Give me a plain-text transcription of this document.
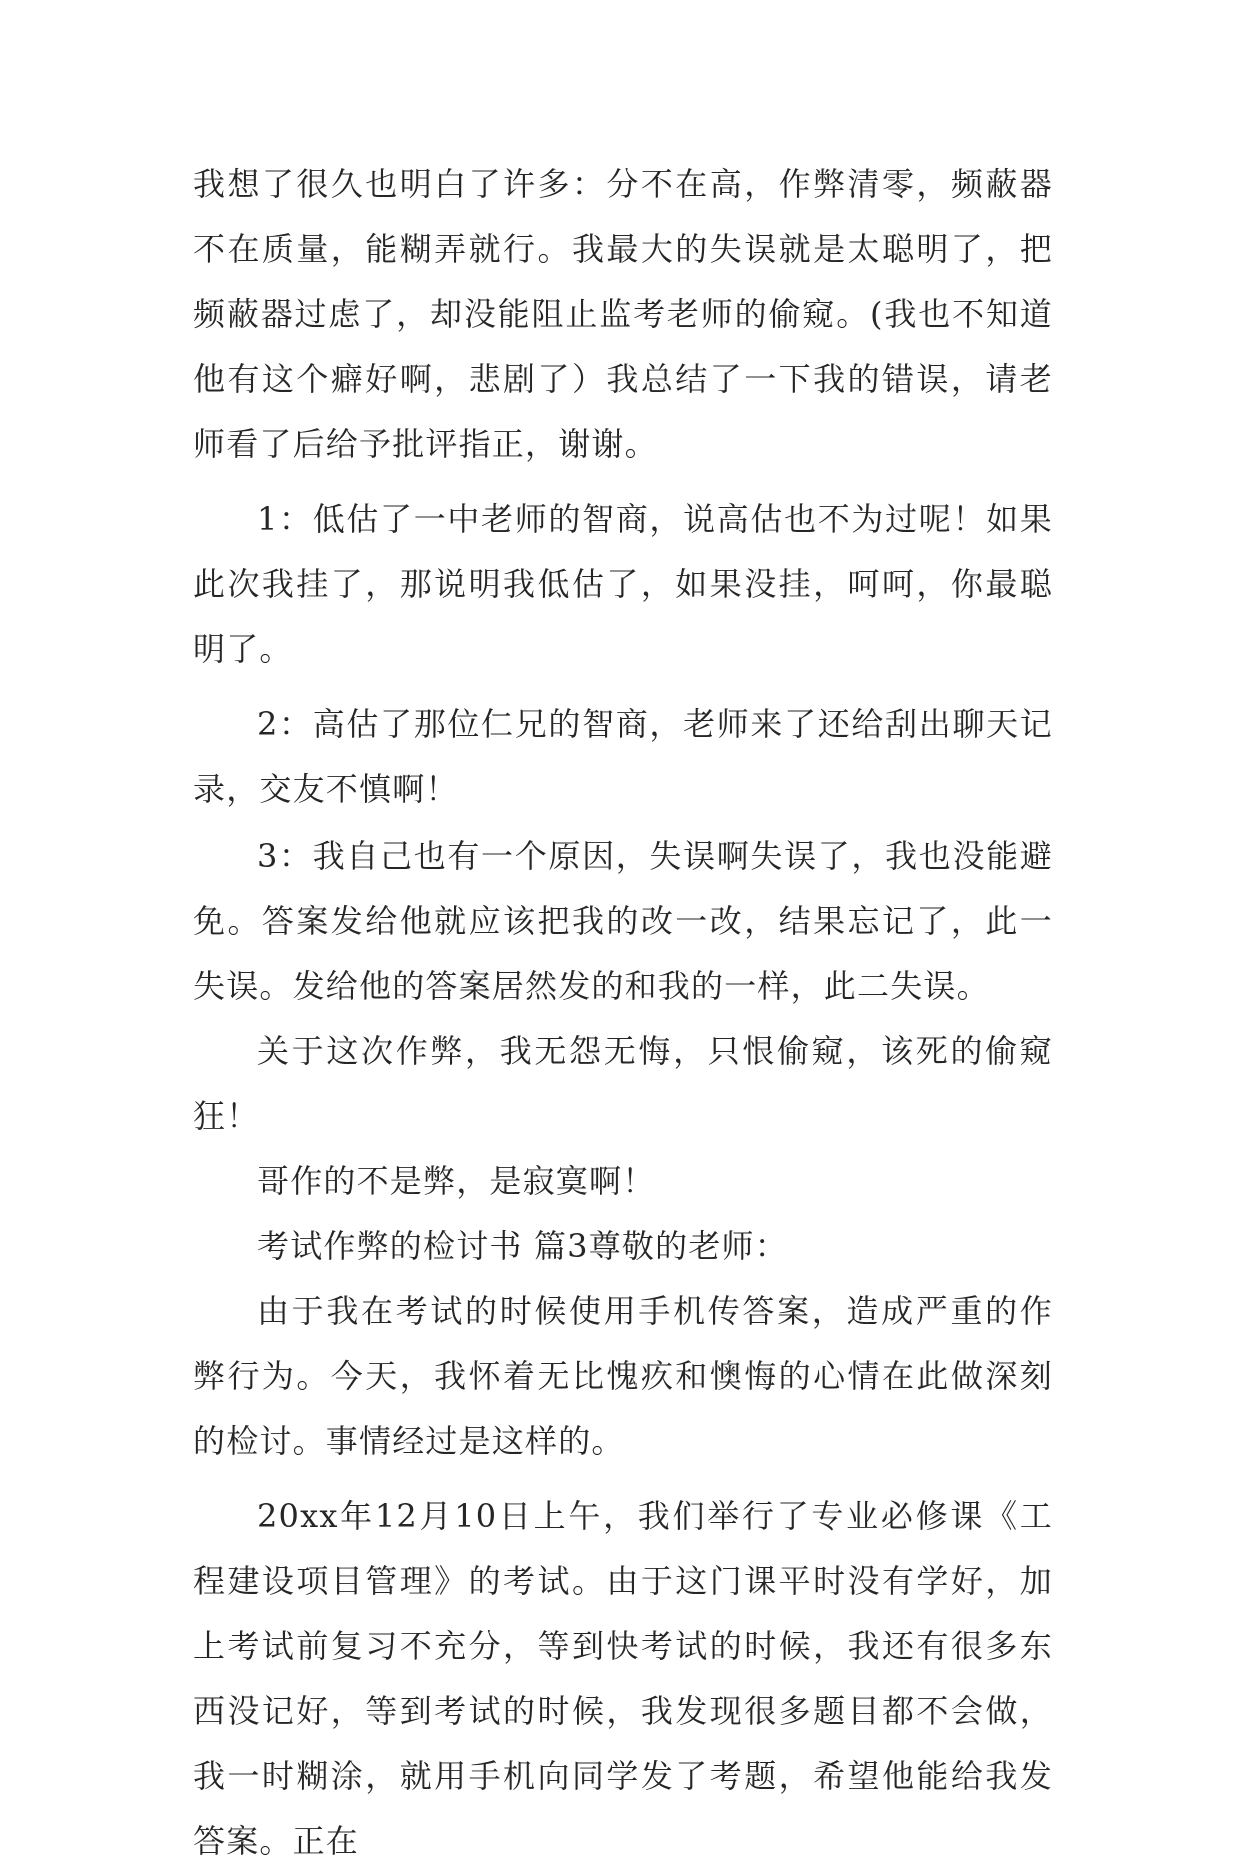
我想了很久也明白了许多：分不在高，作弊清零，频蔽器不在质量，能糊弄就行。我最大的失误就是太聪明了，把频蔽器过虑了，却没能阻止监考老师的偷窥。(我也不知道他有这个癖好啊，悲剧了）我总结了一下我的错误，请老师看了后给予批评指正，谢谢。

1：低估了一中老师的智商，说高估也不为过呢！如果此次我挂了，那说明我低估了，如果没挂，呵呵，你最聪明了。

2：高估了那位仁兄的智商，老师来了还给刮出聊天记录，交友不慎啊！

3：我自己也有一个原因，失误啊失误了，我也没能避免。答案发给他就应该把我的改一改，结果忘记了，此一失误。发给他的答案居然发的和我的一样，此二失误。

关于这次作弊，我无怨无悔，只恨偷窥，该死的偷窥狂！

哥作的不是弊，是寂寞啊！

考试作弊的检讨书 篇3尊敬的老师：

由于我在考试的时候使用手机传答案，造成严重的作弊行为。今天，我怀着无比愧疚和懊悔的心情在此做深刻的检讨。事情经过是这样的。

20xx年12月10日上午，我们举行了专业必修课《工程建设项目管理》的考试。由于这门课平时没有学好，加上考试前复习不充分，等到快考试的时候，我还有很多东西没记好，等到考试的时候，我发现很多题目都不会做，我一时糊涂，就用手机向同学发了考题，希望他能给我发答案。正在
